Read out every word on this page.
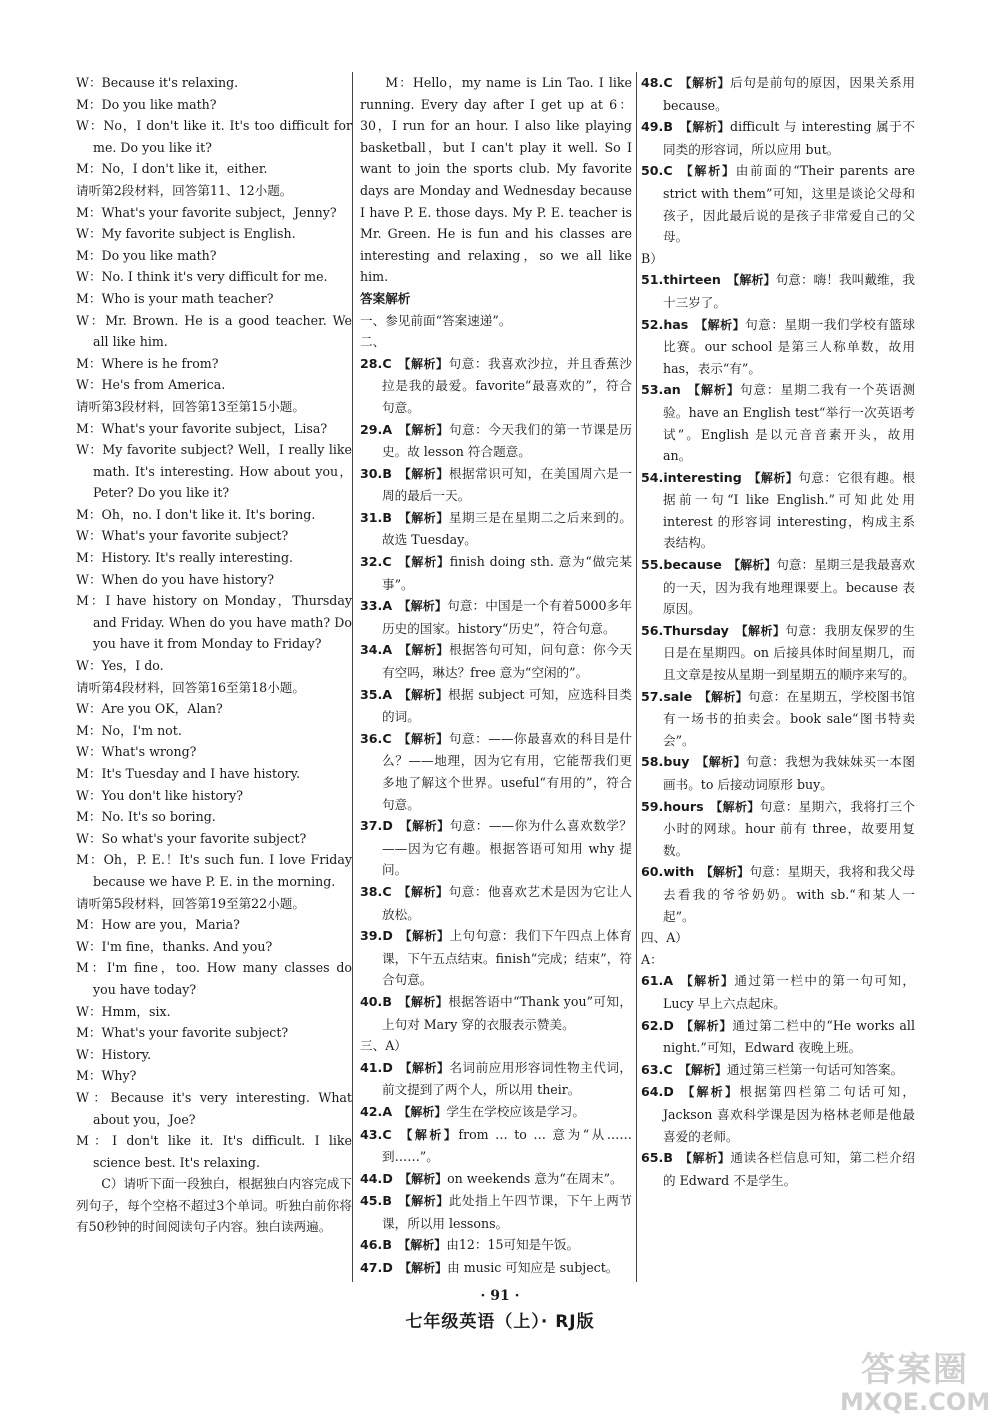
W：Because it's relaxing.
M：Do you like math?
W：No，I don't like it. It's too difficult for me. Do you like it?
M：No，I don't like it，either.
请听第2段材料，回答第11、12小题。
M：What's your favorite subject，Jenny?
W：My favorite subject is English.
M：Do you like math?
W：No. I think it's very difficult for me.
M：Who is your math teacher?
W：Mr. Brown. He is a good teacher. We all like him.
M：Where is he from?
W：He's from America.
请听第3段材料，回答第13至第15小题。
M：What's your favorite subject，Lisa?
W：My favorite subject? Well，I really like math. It's interesting. How about you，Peter? Do you like it?
M：Oh，no. I don't like it. It's boring.
W：What's your favorite subject?
M：History. It's really interesting.
W：When do you have history?
M：I have history on Monday，Thursday and Friday. When do you have math? Do you have it from Monday to Friday?
W：Yes，I do.
请听第4段材料，回答第16至第18小题。
W：Are you OK，Alan?
M：No，I'm not.
W：What's wrong?
M：It's Tuesday and I have history.
W：You don't like history?
M：No. It's so boring.
W：So what's your favorite subject?
M：Oh，P. E.！It's such fun. I love Friday because we have P. E. in the morning.
请听第5段材料，回答第19至第22小题。
M：How are you，Maria?
W：I'm fine，thanks. And you?
M：I'm fine，too. How many classes do you have today?
W：Hmm，six.
M：What's your favorite subject?
W：History.
M：Why?
W：Because it's very interesting. What about you，Joe?
M：I don't like it. It's difficult. I like science best. It's relaxing.
C）请听下面一段独白，根据独白内容完成下列句子，每个空格不超过3个单词。听独白前你将有50秒钟的时间阅读句子内容。独白读两遍。
M：Hello，my name is Lin Tao. I like running. Every day after I get up at 6：30，I run for an hour. I also like playing basketball，but I can't play it well. So I want to join the sports club. My favorite days are Monday and Wednesday because I have P. E. those days. My P. E. teacher is Mr. Green. He is fun and his classes are interesting and relaxing，so we all like him.
答案解析
一、参见前面“答案速递”。
二、
28.C  【解析】句意：我喜欢沙拉，并且香蕉沙拉是我的最爱。favorite“最喜欢的”，符合句意。
29.A  【解析】句意：今天我们的第一节课是历史。故 lesson 符合题意。
30.B  【解析】根据常识可知，在美国周六是一周的最后一天。
31.B  【解析】星期三是在星期二之后来到的。故选 Tuesday。
32.C  【解析】finish doing sth. 意为“做完某事”。
33.A  【解析】句意：中国是一个有着5000多年历史的国家。history“历史”，符合句意。
34.A  【解析】根据答句可知，问句意：你今天有空吗，琳达？free 意为“空闲的”。
35.A  【解析】根据 subject 可知，应选科目类的词。
36.C  【解析】句意：——你最喜欢的科目是什么？——地理，因为它有用，它能帮我们更多地了解这个世界。useful“有用的”，符合句意。
37.D  【解析】句意：——你为什么喜欢数学？——因为它有趣。根据答语可知用 why 提问。
38.C  【解析】句意：他喜欢艺术是因为它让人放松。
39.D  【解析】上句句意：我们下午四点上体育课，下午五点结束。finish“完成；结束”，符合句意。
40.B  【解析】根据答语中“Thank you”可知，上句对 Mary 穿的衣服表示赞美。
三、A）
41.D  【解析】名词前应用形容词性物主代词，前文提到了两个人，所以用 their。
42.A  【解析】学生在学校应该是学习。
43.C  【解析】from … to … 意为“从……到……”。
44.D  【解析】on weekends 意为“在周末”。
45.B  【解析】此处指上午四节课，下午上两节课，所以用 lessons。
46.B  【解析】由12：15可知是午饭。
47.D  【解析】由 music 可知应是 subject。
48.C  【解析】后句是前句的原因，因果关系用 because。
49.B  【解析】difficult 与 interesting 属于不同类的形容词，所以应用 but。
50.C  【解析】由前面的“Their parents are strict with them”可知，这里是谈论父母和孩子，因此最后说的是孩子非常爱自己的父母。
B）
51.thirteen  【解析】句意：嗨！我叫戴维，我十三岁了。
52.has  【解析】句意：星期一我们学校有篮球比赛。our school 是第三人称单数，故用 has，表示“有”。
53.an  【解析】句意：星期二我有一个英语测验。have an English test“举行一次英语考试”。English 是以元音音素开头，故用 an。
54.interesting  【解析】句意：它很有趣。根据前一句“I like English.”可知此处用 interest 的形容词 interesting，构成主系表结构。
55.because  【解析】句意：星期三是我最喜欢的一天，因为我有地理课要上。because 表原因。
56.Thursday  【解析】句意：我朋友保罗的生日是在星期四。on 后接具体时间星期几，而且文章是按从星期一到星期五的顺序来写的。
57.sale  【解析】句意：在星期五，学校图书馆有一场书的拍卖会。book sale“图书特卖会”。
58.buy  【解析】句意：我想为我妹妹买一本图画书。to 后接动词原形 buy。
59.hours  【解析】句意：星期六，我将打三个小时的网球。hour 前有 three，故要用复数。
60.with  【解析】句意：星期天，我将和我父母去看我的爷爷奶奶。with sb.“和某人一起”。
四、A）
A：
61.A  【解析】通过第一栏中的第一句可知，Lucy 早上六点起床。
62.D  【解析】通过第二栏中的“He works all night.”可知，Edward 夜晚上班。
63.C  【解析】通过第三栏第一句话可知答案。
64.D  【解析】根据第四栏第二句话可知，Jackson 喜欢科学课是因为格林老师是他最喜爱的老师。
65.B  【解析】通读各栏信息可知，第二栏介绍的 Edward 不是学生。
· 91 ·
七年级英语（上）· RJ版
答案圈
MXQE.COM
